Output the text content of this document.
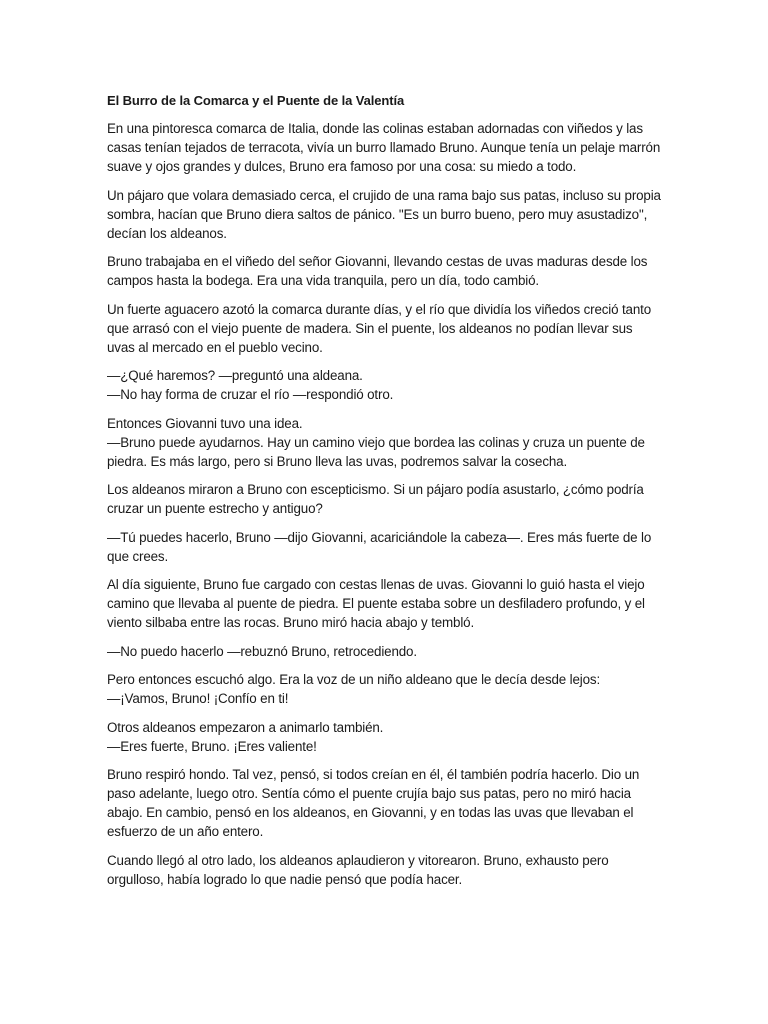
El Burro de la Comarca y el Puente de la Valentía

En una pintoresca comarca de Italia, donde las colinas estaban adornadas con viñedos y las casas tenían tejados de terracota, vivía un burro llamado Bruno. Aunque tenía un pelaje marrón suave y ojos grandes y dulces, Bruno era famoso por una cosa: su miedo a todo.

Un pájaro que volara demasiado cerca, el crujido de una rama bajo sus patas, incluso su propia sombra, hacían que Bruno diera saltos de pánico. "Es un burro bueno, pero muy asustadizo", decían los aldeanos.

Bruno trabajaba en el viñedo del señor Giovanni, llevando cestas de uvas maduras desde los campos hasta la bodega. Era una vida tranquila, pero un día, todo cambió.

Un fuerte aguacero azotó la comarca durante días, y el río que dividía los viñedos creció tanto que arrasó con el viejo puente de madera. Sin el puente, los aldeanos no podían llevar sus uvas al mercado en el pueblo vecino.

—¿Qué haremos? —preguntó una aldeana.
—No hay forma de cruzar el río —respondió otro.

Entonces Giovanni tuvo una idea.
—Bruno puede ayudarnos. Hay un camino viejo que bordea las colinas y cruza un puente de piedra. Es más largo, pero si Bruno lleva las uvas, podremos salvar la cosecha.

Los aldeanos miraron a Bruno con escepticismo. Si un pájaro podía asustarlo, ¿cómo podría cruzar un puente estrecho y antiguo?

—Tú puedes hacerlo, Bruno —dijo Giovanni, acariciándole la cabeza—. Eres más fuerte de lo que crees.

Al día siguiente, Bruno fue cargado con cestas llenas de uvas. Giovanni lo guió hasta el viejo camino que llevaba al puente de piedra. El puente estaba sobre un desfiladero profundo, y el viento silbaba entre las rocas. Bruno miró hacia abajo y tembló.

—No puedo hacerlo —rebuznó Bruno, retrocediendo.

Pero entonces escuchó algo. Era la voz de un niño aldeano que le decía desde lejos:
—¡Vamos, Bruno! ¡Confío en ti!

Otros aldeanos empezaron a animarlo también.
—Eres fuerte, Bruno. ¡Eres valiente!

Bruno respiró hondo. Tal vez, pensó, si todos creían en él, él también podría hacerlo. Dio un paso adelante, luego otro. Sentía cómo el puente crujía bajo sus patas, pero no miró hacia abajo. En cambio, pensó en los aldeanos, en Giovanni, y en todas las uvas que llevaban el esfuerzo de un año entero.

Cuando llegó al otro lado, los aldeanos aplaudieron y vitorearon. Bruno, exhausto pero orgulloso, había logrado lo que nadie pensó que podía hacer.
